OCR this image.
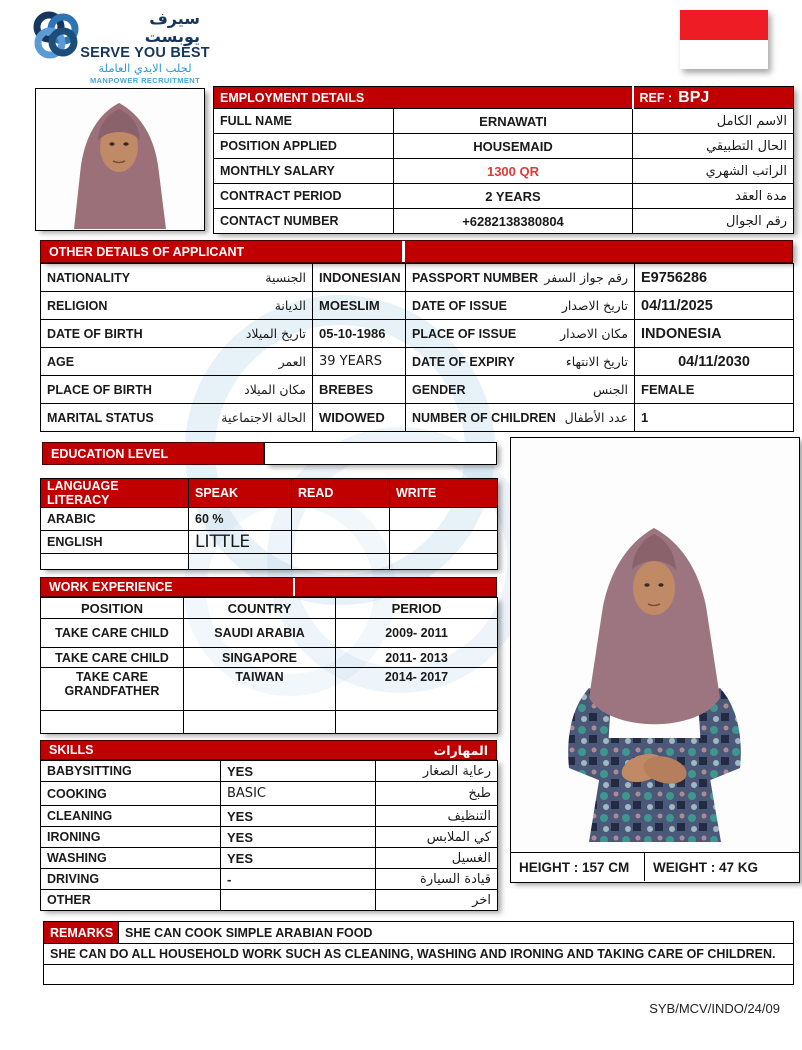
سيرف يوبست
SERVE YOU BEST
لجلب الايدي العاملة
MANPOWER RECRUITMENT
EMPLOYMENT DETAILS		REF : BPJ
FULL NAME	ERNAWATI	الاسم الكامل
POSITION APPLIED	HOUSEMAID	الحال التطبيقي
MONTHLY SALARY	1300 QR	الراتب الشهري
CONTRACT PERIOD	2 YEARS	مدة العقد
CONTACT NUMBER	+6282138380804	رقم الجوال
OTHER DETAILS OF APPLICANT
NATIONALITY الجنسية	INDONESIAN	PASSPORT NUMBER رقم جواز السفر	E9756286

RELIGION الديانة	MOESLIM	DATE OF ISSUE تاريخ الاصدار	04/11/2025

DATE OF BIRTH تاريخ الميلاد	05-10-1986	PLACE OF ISSUE مكان الاصدار	INDONESIA

AGE العمر	39 YEARS	DATE OF EXPIRY تاريخ الانتهاء	04/11/2030

PLACE OF BIRTH مكان الميلاد	BREBES	GENDER الجنس	FEMALE

MARITAL STATUS الحالة الاجتماعية	WIDOWED	NUMBER OF CHILDREN عدد الأطفال	1
EDUCATION LEVEL
LANGUAGE LITERACY	SPEAK	READ	WRITE
ARABIC	60 %		
ENGLISH	LITTLE		

WORK EXPERIENCE
POSITION	COUNTRY	PERIOD
TAKE CARE CHILD	SAUDI ARABIA	2009- 2011
TAKE CARE CHILD	SINGAPORE	2011- 2013
TAKE CARE GRANDFATHER	TAIWAN	2014- 2017

SKILLS	المهارات
BABYSITTING	YES	رعاية الصغار
COOKING	BASIC	طبخ
CLEANING	YES	التنظيف
IRONING	YES	كي الملابس
WASHING	YES	الغسيل
DRIVING	-	قيادة السيارة
OTHER		اخر
HEIGHT : 157 CM	WEIGHT : 47 KG
REMARKS	SHE CAN COOK SIMPLE ARABIAN FOOD
SHE CAN DO ALL HOUSEHOLD WORK SUCH AS CLEANING, WASHING AND IRONING AND TAKING CARE OF CHILDREN.

SYB/MCV/INDO/24/09
